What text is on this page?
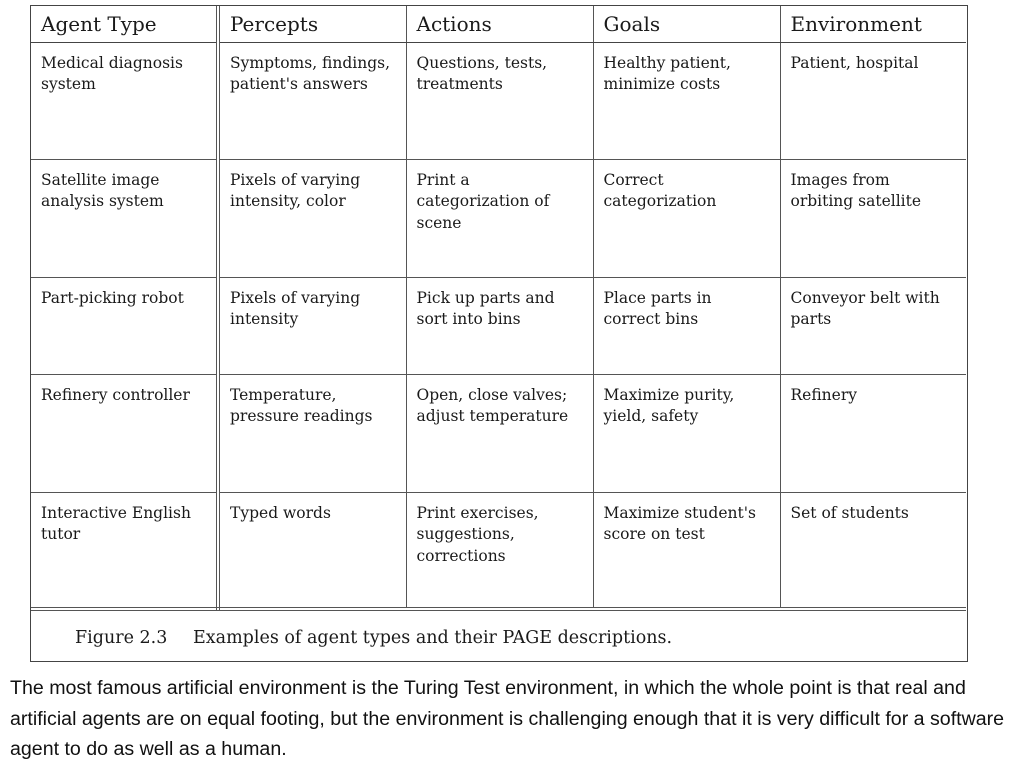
Agent Type	Percepts	Actions	Goals	Environment
Medical diagnosis system	Symptoms, findings, patient's answers	Questions, tests, treatments	Healthy patient, minimize costs	Patient, hospital
Satellite image analysis system	Pixels of varying intensity, color	Print a categorization of scene	Correct categorization	Images from orbiting satellite
Part-picking robot	Pixels of varying intensity	Pick up parts and sort into bins	Place parts in correct bins	Conveyor belt with parts
Refinery controller	Temperature, pressure readings	Open, close valves; adjust temperature	Maximize purity, yield, safety	Refinery
Interactive English tutor	Typed words	Print exercises, suggestions, corrections	Maximize student's score on test	Set of students
Figure 2.3 Examples of agent types and their PAGE descriptions.

The most famous artificial environment is the Turing Test environment, in which the whole point is that real and artificial agents are on equal footing, but the environment is challenging enough that it is very difficult for a software agent to do as well as a human.
